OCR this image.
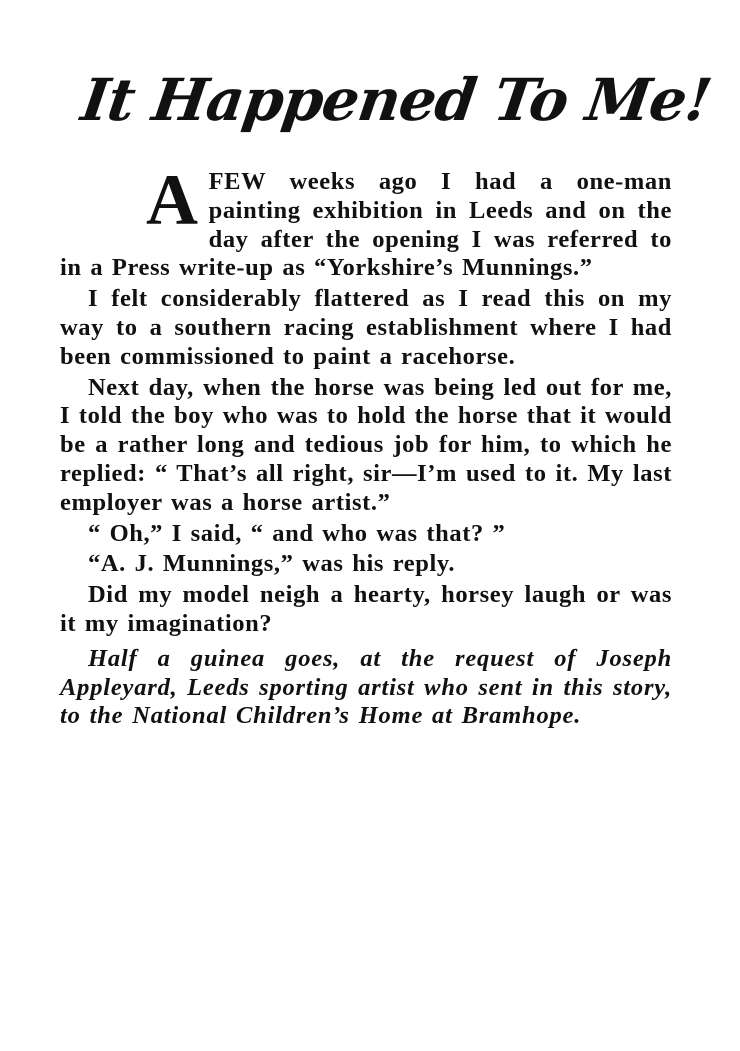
It Happened To Me!

A FEW weeks ago I had a one-man painting exhibition in Leeds and on the day after the opening I was referred to in a Press write-up as “Yorkshire’s Munnings.”

I felt considerably flattered as I read this on my way to a southern racing establishment where I had been commissioned to paint a racehorse.

Next day, when the horse was being led out for me, I told the boy who was to hold the horse that it would be a rather long and tedious job for him, to which he replied: “ That’s all right, sir—I’m used to it. My last employer was a horse artist.”

“ Oh,” I said, “ and who was that? ”

“A. J. Munnings,” was his reply.

Did my model neigh a hearty, horsey laugh or was it my imagination?

Half a guinea goes, at the request of Joseph Appleyard, Leeds sporting artist who sent in this story, to the National Children’s Home at Bramhope.
